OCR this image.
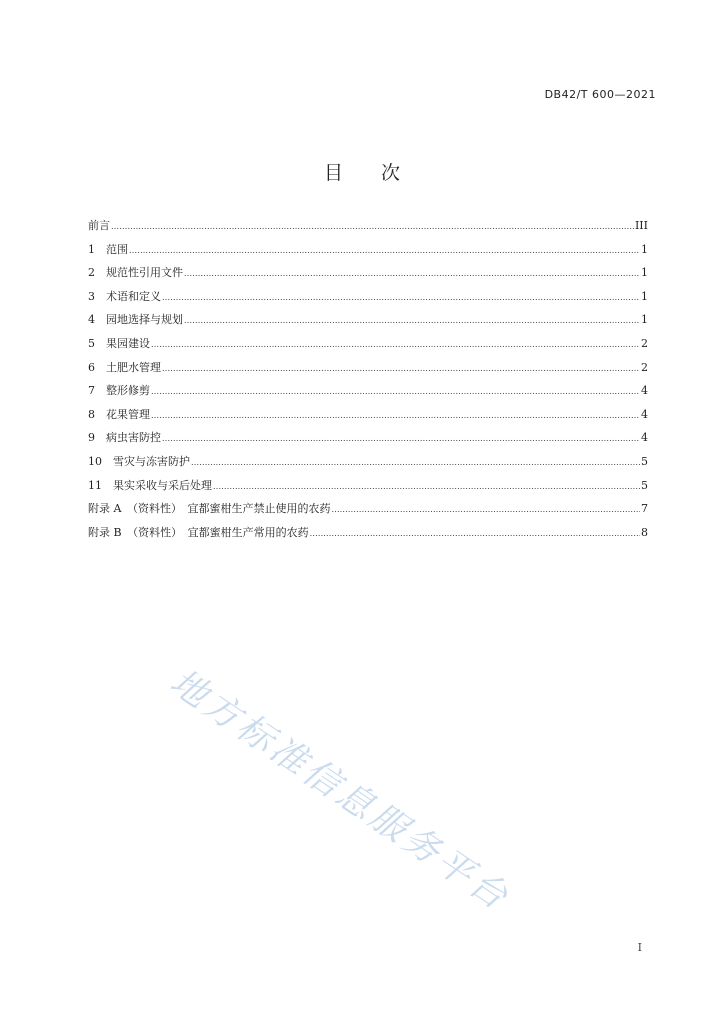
DB42/T 600—2021
目 次
前言 .....	III
1　范围 .....	1
2　规范性引用文件 .....	1
3　术语和定义 .....	1
4　园地选择与规划 .....	1
5　果园建设 .....	2
6　土肥水管理 .....	2
7　整形修剪 .....	4
8　花果管理 .....	4
9　病虫害防控 .....	4
10　雪灾与冻害防护 .....	5
11　果实采收与采后处理 .....	5
附录 A　（资料性）　宜都蜜柑生产禁止使用的农药 .....	7
附录 B　（资料性）　宜都蜜柑生产常用的农药 .....	8
地方标准信息服务平台
I
